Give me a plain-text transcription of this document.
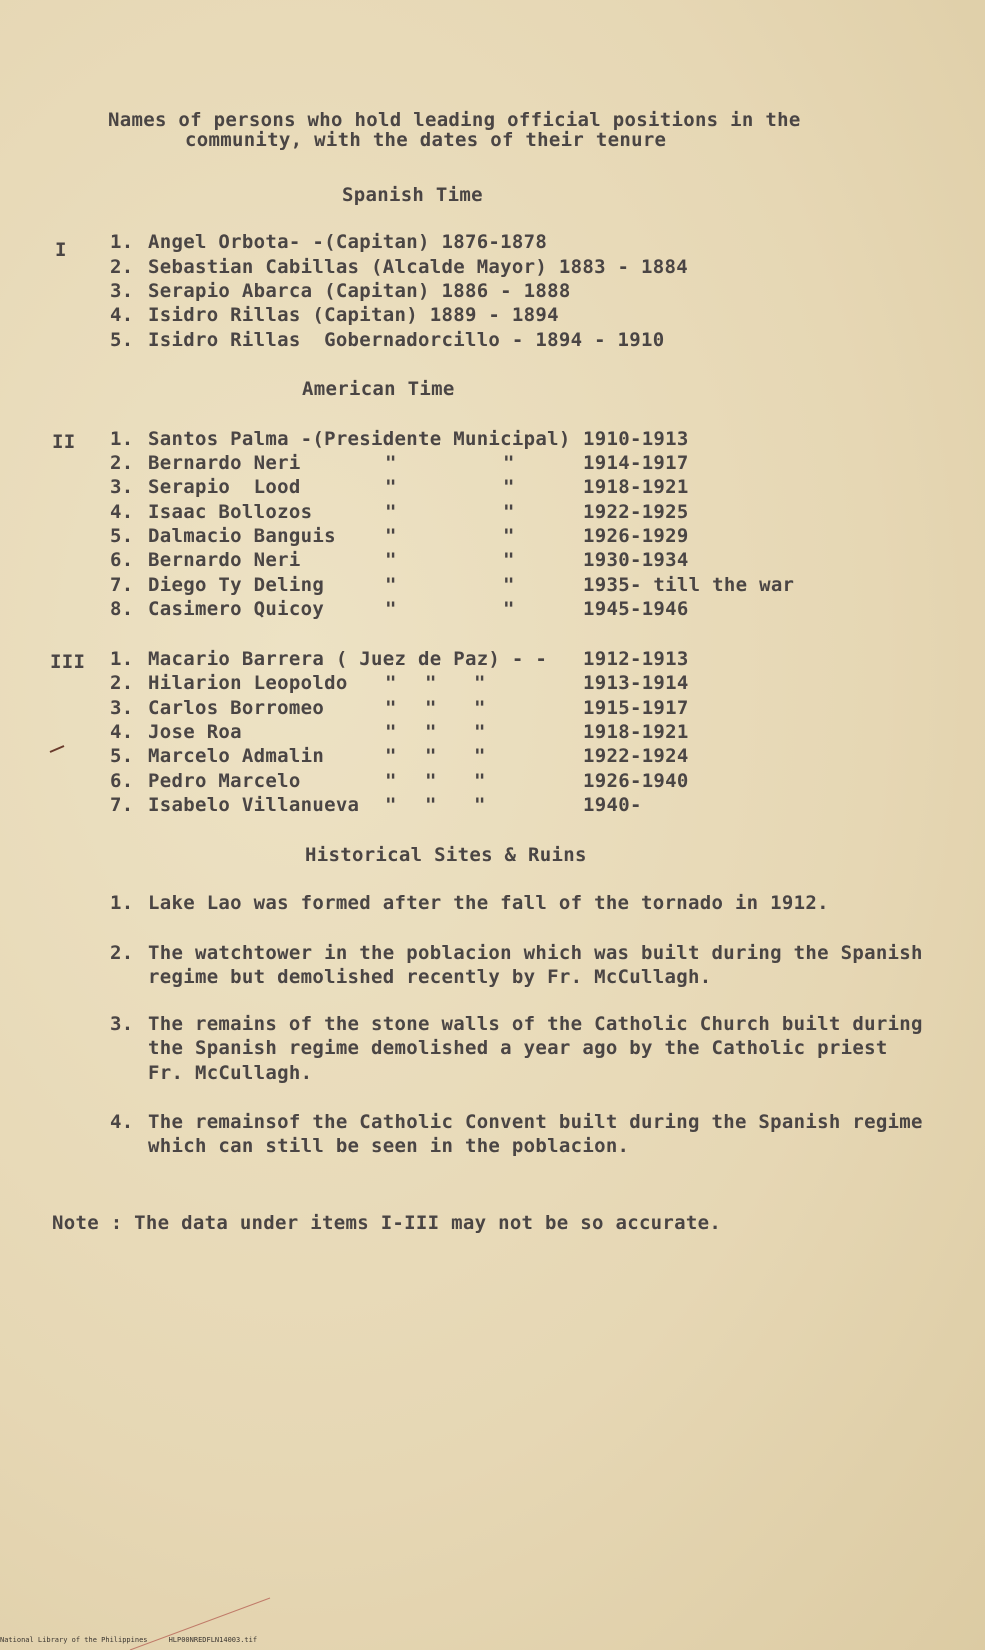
Names of persons who hold leading official positions in the
community, with the dates of their tenure
Spanish Time
I 1. Angel Orbota- -(Capitan) 1876-1878
2. Sebastian Cabillas (Alcalde Mayor) 1883 - 1884
3. Serapio Abarca (Capitan) 1886 - 1888
4. Isidro Rillas (Capitan) 1889 - 1894
5. Isidro Rillas  Gobernadorcillo - 1894 - 1910
American Time
II 1. Santos Palma -(Presidente Municipal) 1910-1913
2. Bernardo Neri	"	"	1914-1917
3. Serapio  Lood	"	"	1918-1921
4. Isaac Bollozos	"	"	1922-1925
5. Dalmacio Banguis	"	"	1926-1929
6. Bernardo Neri	"	"	1930-1934
7. Diego Ty Deling	"	"	1935- till the war
8. Casimero Quicoy	"	"	1945-1946
III 1. Macario Barrera ( Juez de Paz) - - 1912-1913
2. Hilarion Leopoldo " " "	1913-1914
3. Carlos Borromeo	" " "	1915-1917
4. Jose Roa	" " "	1918-1921
5. Marcelo Admalin	" " "	1922-1924
6. Pedro Marcelo	" " "	1926-1940
7. Isabelo Villanueva " " "	1940-
Historical Sites & Ruins
1. Lake Lao was formed after the fall of the tornado in 1912.
2. The watchtower in the poblacion which was built during the Spanish
regime but demolished recently by Fr. McCullagh.
3. The remains of the stone walls of the Catholic Church built during
the Spanish regime demolished a year ago by the Catholic priest
Fr. McCullagh.
4. The remainsof the Catholic Convent built during the Spanish regime
which can still be seen in the poblacion.
Note : The data under items I-III may not be so accurate.
National Library of the Philippines     HLP00NREDFLN14003.tif
